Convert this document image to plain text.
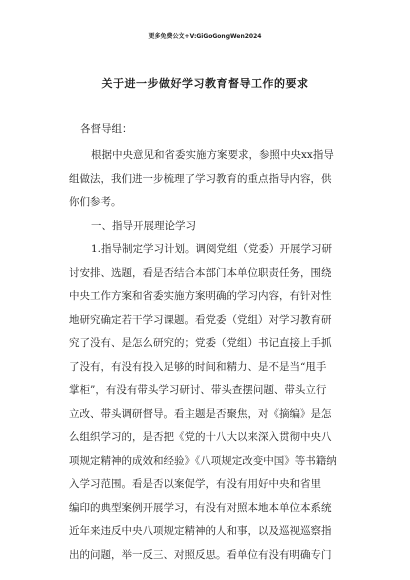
更多免费公文+V:GiGoGongWen2024
关于进一步做好学习教育督导工作的要求
各督导组：
根据中央意见和省委实施方案要求，参照中央xx指导
组做法，我们进一步梳理了学习教育的重点指导内容，供
你们参考。
一、指导开展理论学习
1.指导制定学习计划。调阅党组（党委）开展学习研
讨安排、选题，看是否结合本部门本单位职责任务，围绕
中央工作方案和省委实施方案明确的学习内容，有针对性
地研究确定若干学习课题。看党委（党组）对学习教育研
究了没有、是怎么研究的；党委（党组）书记直接上手抓
了没有，有没有投入足够的时间和精力、是不是当“甩手
掌柜”，有没有带头学习研讨、带头查摆问题、带头立行
立改、带头调研督导。看主题是否聚焦，对《摘编》是怎
么组织学习的，是否把《党的十八大以来深入贯彻中央八
项规定精神的成效和经验》《八项规定改变中国》等书籍纳
入学习范围。看是否以案促学，有没有用好中央和省里
编印的典型案例开展学习，有没有对照本地本单位本系统
近年来违反中央八项规定精神的人和事，以及巡视巡察指
出的问题，举一反三、对照反思。看单位有没有明确专门
